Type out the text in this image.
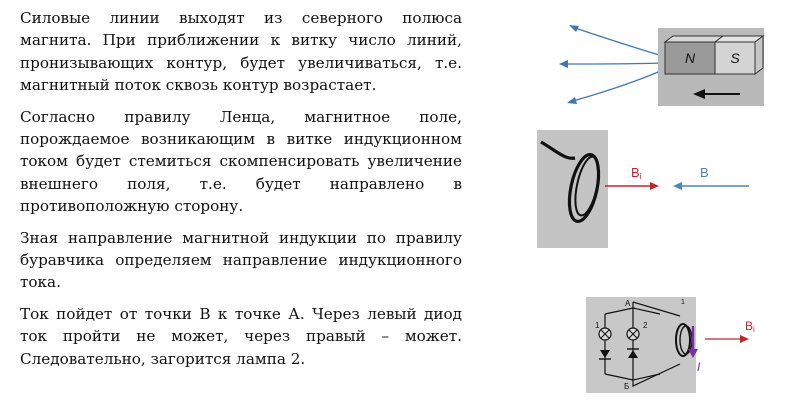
Силовые линии выходят из северного полюса магнита. При приближении к витку число линий, пронизывающих контур, будет увеличиваться, т.е. магнитный поток сквозь контур возрастает.

Согласно правилу Ленца, магнитное поле, порождаемое возникающим в витке индукционном током будет стемиться скомпенсировать увеличение внешнего поля, т.е. будет направлено в противоположную сторону.

Зная направление магнитной индукции по правилу буравчика определяем направление индукционного тока.

Ток пойдет от точки B к точке А. Через левый диод ток пройти не может, через правый – может. Следовательно, загорится лампа 2.

N	S
Bi	B
А
Б
1	2
1
I
Bi
